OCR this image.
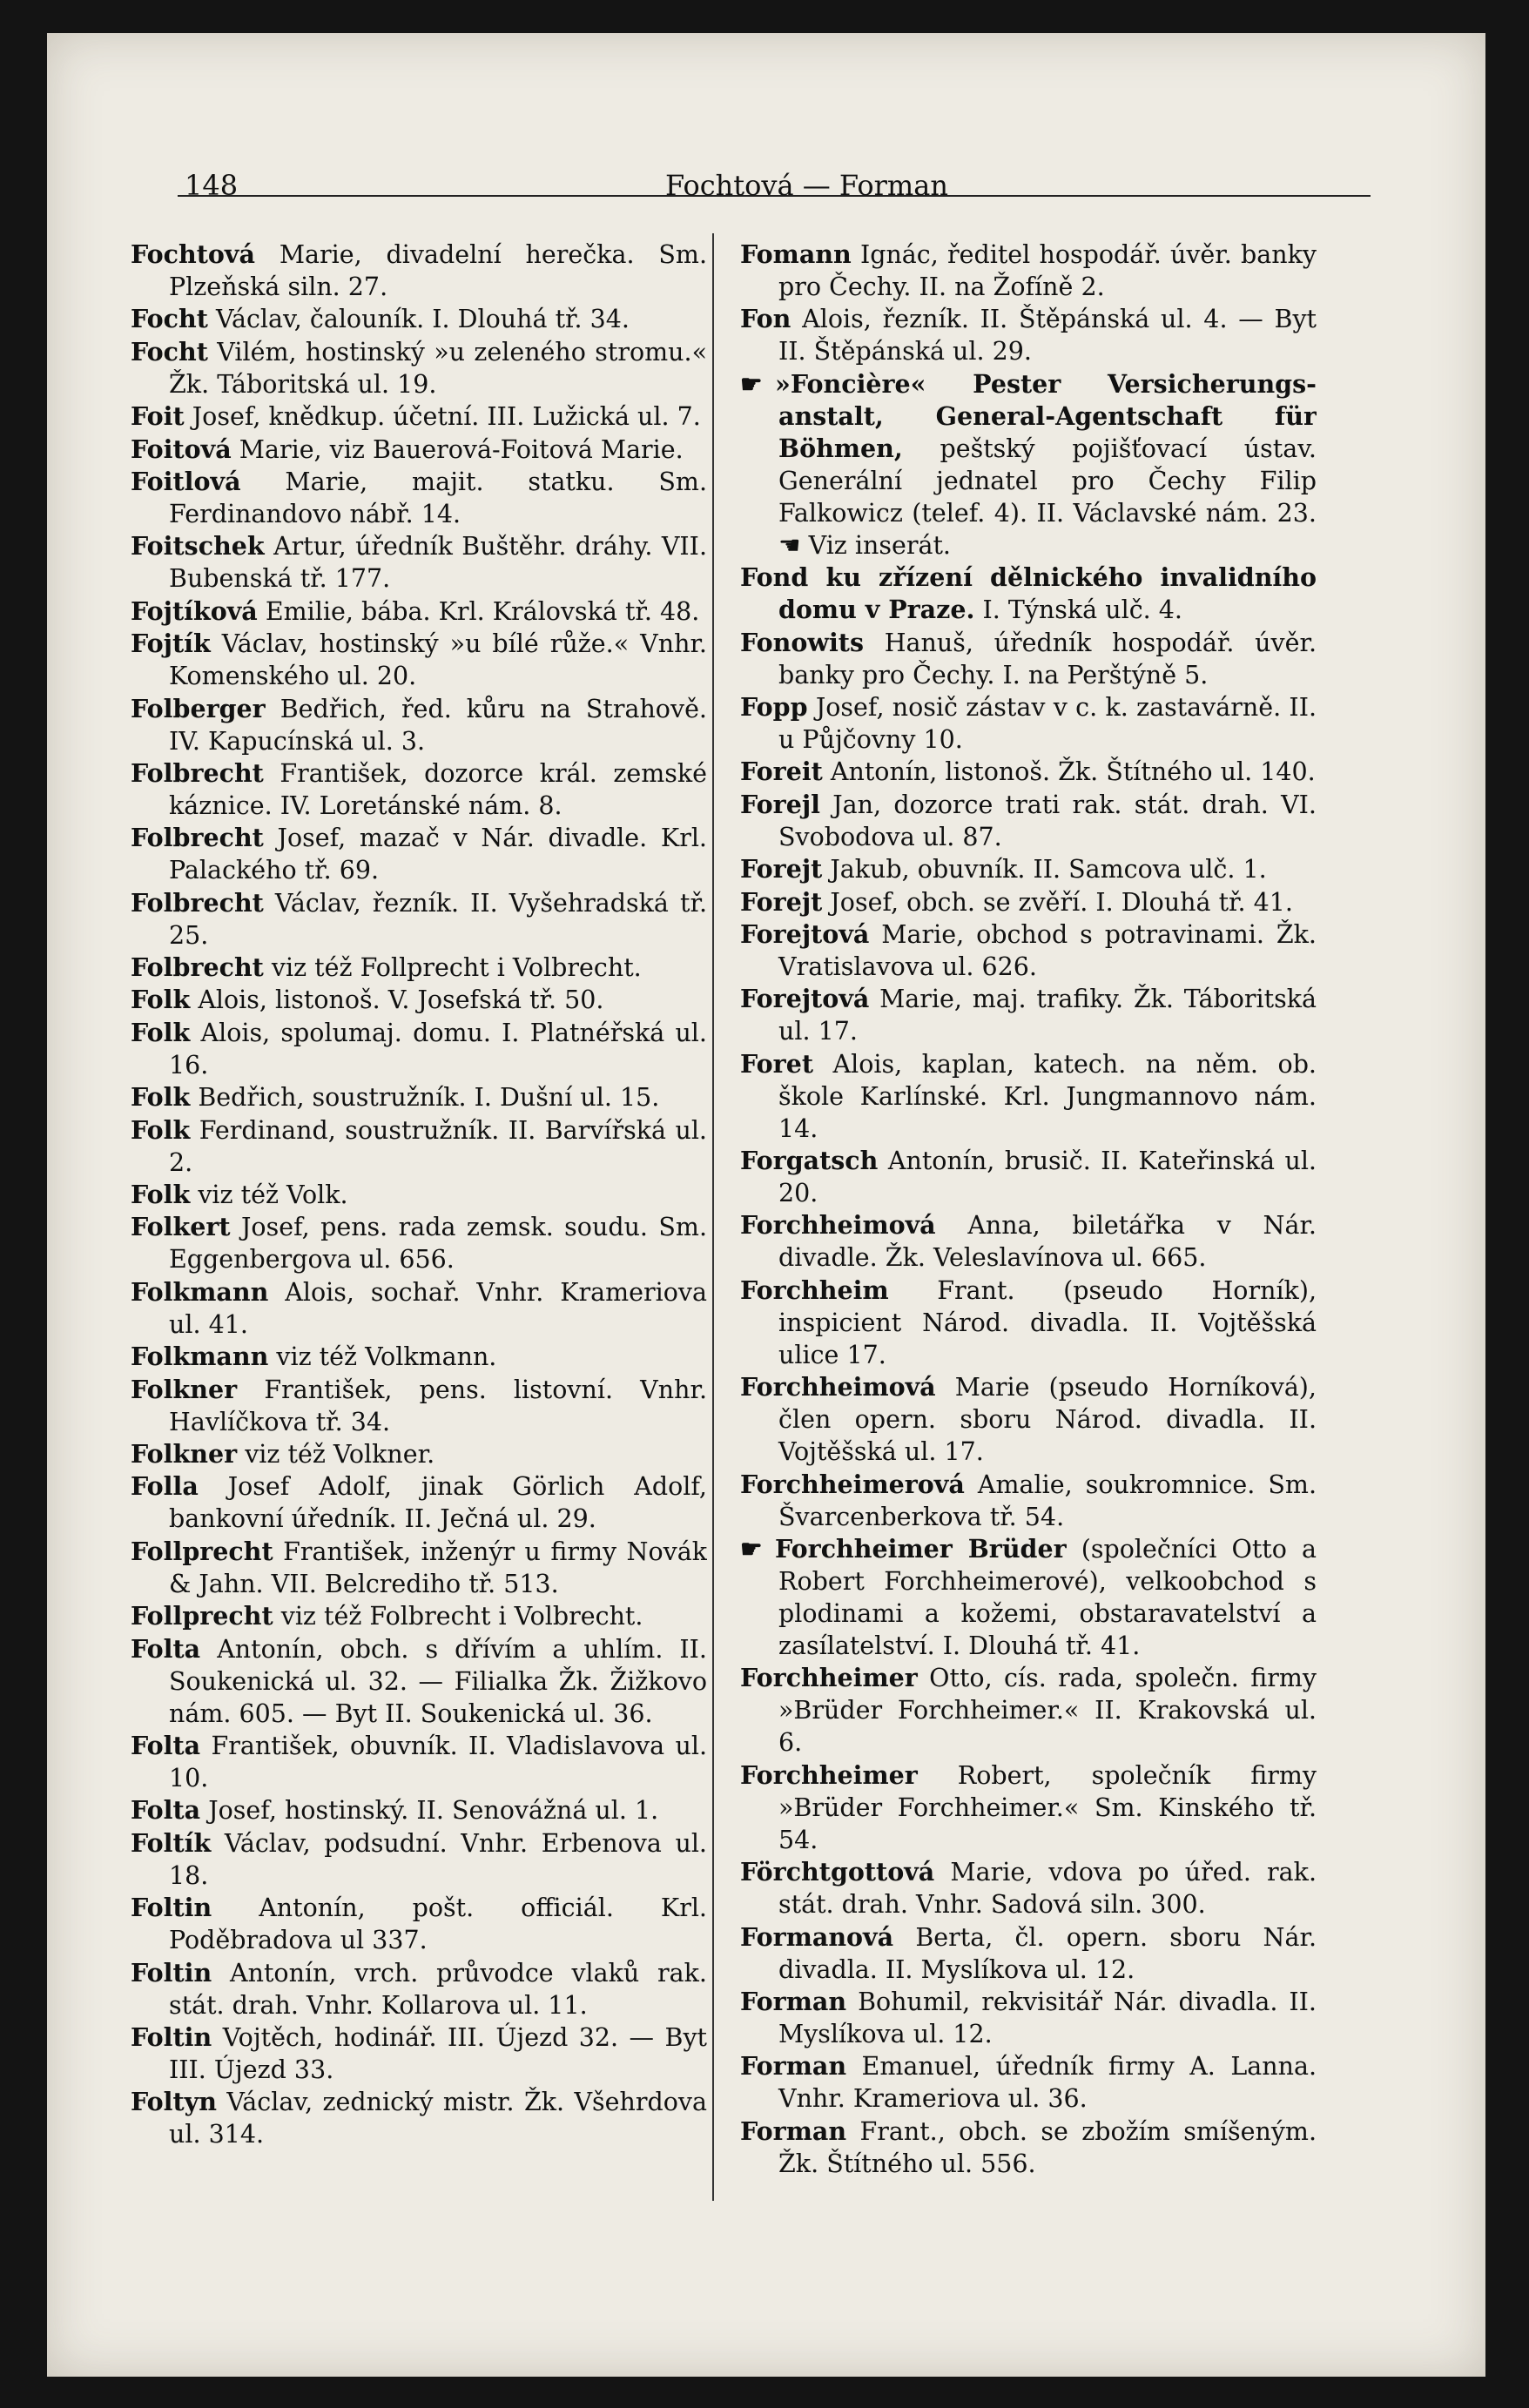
148	Fochtová — Forman

Fochtová Marie, divadelní herečka. Sm. Plzeňská siln. 27.

Focht Václav, čalouník. I. Dlouhá tř. 34.

Focht Vilém, hostinský »u zeleného stromu.« Žk. Táboritská ul. 19.

Foit Josef, knědkup. účetní. III. Lužická ul. 7.

Foitová Marie, viz Bauerová-Foitová Marie.

Foitlová Marie, majit. statku. Sm. Ferdinandovo nábř. 14.

Foitschek Artur, úředník Buštěhr. dráhy. VII. Bubenská tř. 177.

Fojtíková Emilie, bába. Krl. Královská tř. 48.

Fojtík Václav, hostinský »u bílé růže.« Vnhr. Komenského ul. 20.

Folberger Bedřich, řed. kůru na Strahově. IV. Kapucínská ul. 3.

Folbrecht František, dozorce král. zemské káznice. IV. Loretánské nám. 8.

Folbrecht Josef, mazač v Nár. divadle. Krl. Palackého tř. 69.

Folbrecht Václav, řezník. II. Vyšehradská tř. 25.

Folbrecht viz též Follprecht i Volbrecht.

Folk Alois, listonoš. V. Josefská tř. 50.

Folk Alois, spolumaj. domu. I. Platnéřská ul. 16.

Folk Bedřich, soustružník. I. Dušní ul. 15.

Folk Ferdinand, soustružník. II. Barvířská ul. 2.

Folk viz též Volk.

Folkert Josef, pens. rada zemsk. soudu. Sm. Eggenbergova ul. 656.

Folkmann Alois, sochař. Vnhr. Krameriova ul. 41.

Folkmann viz též Volkmann.

Folkner František, pens. listovní. Vnhr. Havlíčkova tř. 34.

Folkner viz též Volkner.

Folla Josef Adolf, jinak Görlich Adolf, bankovní úředník. II. Ječná ul. 29.

Follprecht František, inženýr u firmy Novák & Jahn. VII. Belcrediho tř. 513.

Follprecht viz též Folbrecht i Volbrecht.

Folta Antonín, obch. s dřívím a uhlím. II. Soukenická ul. 32. — Filialka Žk. Žižkovo nám. 605. — Byt II. Soukenická ul. 36.

Folta František, obuvník. II. Vladislavova ul. 10.

Folta Josef, hostinský. II. Senovážná ul. 1.

Foltík Václav, podsudní. Vnhr. Erbenova ul. 18.

Foltin Antonín, pošt. officiál. Krl. Poděbradova ul 337.

Foltin Antonín, vrch. průvodce vlaků rak. stát. drah. Vnhr. Kollarova ul. 11.

Foltin Vojtěch, hodinář. III. Újezd 32. — Byt III. Újezd 33.

Foltyn Václav, zednický mistr. Žk. Všehrdova ul. 314.

Fomann Ignác, ředitel hospodář. úvěr. banky pro Čechy. II. na Žofíně 2.

Fon Alois, řezník. II. Štěpánská ul. 4. — Byt II. Štěpánská ul. 29.

☛ »Foncière« Pester Versicherungs-anstalt, General-Agentschaft für Böhmen, peštský pojišťovací ústav. Generální jednatel pro Čechy Filip Falkowicz (telef. 4). II. Václavské nám. 23. ☚ Viz inserát.

Fond ku zřízení dělnického invalidního domu v Praze. I. Týnská ulč. 4.

Fonowits Hanuš, úředník hospodář. úvěr. banky pro Čechy. I. na Perštýně 5.

Fopp Josef, nosič zástav v c. k. zastavárně. II. u Půjčovny 10.

Foreit Antonín, listonoš. Žk. Štítného ul. 140.

Forejl Jan, dozorce trati rak. stát. drah. VI. Svobodova ul. 87.

Forejt Jakub, obuvník. II. Samcova ulč. 1.

Forejt Josef, obch. se zvěří. I. Dlouhá tř. 41.

Forejtová Marie, obchod s potravinami. Žk. Vratislavova ul. 626.

Forejtová Marie, maj. trafiky. Žk. Táboritská ul. 17.

Foret Alois, kaplan, katech. na něm. ob. škole Karlínské. Krl. Jungmannovo nám. 14.

Forgatsch Antonín, brusič. II. Kateřinská ul. 20.

Forchheimová Anna, biletářka v Nár. divadle. Žk. Veleslavínova ul. 665.

Forchheim Frant. (pseudo Horník), inspicient Národ. divadla. II. Vojtěšská ulice 17.

Forchheimová Marie (pseudo Horníková), člen opern. sboru Národ. divadla. II. Vojtěšská ul. 17.

Forchheimerová Amalie, soukromnice. Sm. Švarcenberkova tř. 54.

☛ Forchheimer Brüder (společníci Otto a Robert Forchheimerové), velkoobchod s plodinami a kožemi, obstaravatelství a zasílatelství. I. Dlouhá tř. 41.

Forchheimer Otto, cís. rada, společn. firmy »Brüder Forchheimer.« II. Krakovská ul. 6.

Forchheimer Robert, společník firmy »Brüder Forchheimer.« Sm. Kinského tř. 54.

Förchtgottová Marie, vdova po úřed. rak. stát. drah. Vnhr. Sadová siln. 300.

Formanová Berta, čl. opern. sboru Nár. divadla. II. Myslíkova ul. 12.

Forman Bohumil, rekvisitář Nár. divadla. II. Myslíkova ul. 12.

Forman Emanuel, úředník firmy A. Lanna. Vnhr. Krameriova ul. 36.

Forman Frant., obch. se zbožím smíšeným. Žk. Štítného ul. 556.
